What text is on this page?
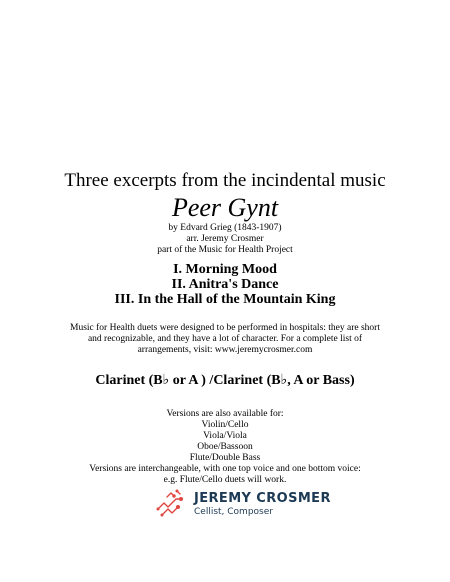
Three excerpts from the incindental music
Peer Gynt
by Edvard Grieg (1843-1907)
arr. Jeremy Crosmer
part of the Music for Health Project
I. Morning Mood
II. Anitra's Dance
III. In the Hall of the Mountain King
Music for Health duets were designed to be performed in hospitals: they are short
and recognizable, and they have a lot of character. For a complete list of
arrangements, visit: www.jeremycrosmer.com
Clarinet (B♭ or A ) /Clarinet (B♭, A or Bass)
Versions are also available for:
Violin/Cello
Viola/Viola
Oboe/Bassoon
Flute/Double Bass
Versions are interchangeable, with one top voice and one bottom voice:
e.g. Flute/Cello duets will work.
JEREMY CROSMER
Cellist, Composer
